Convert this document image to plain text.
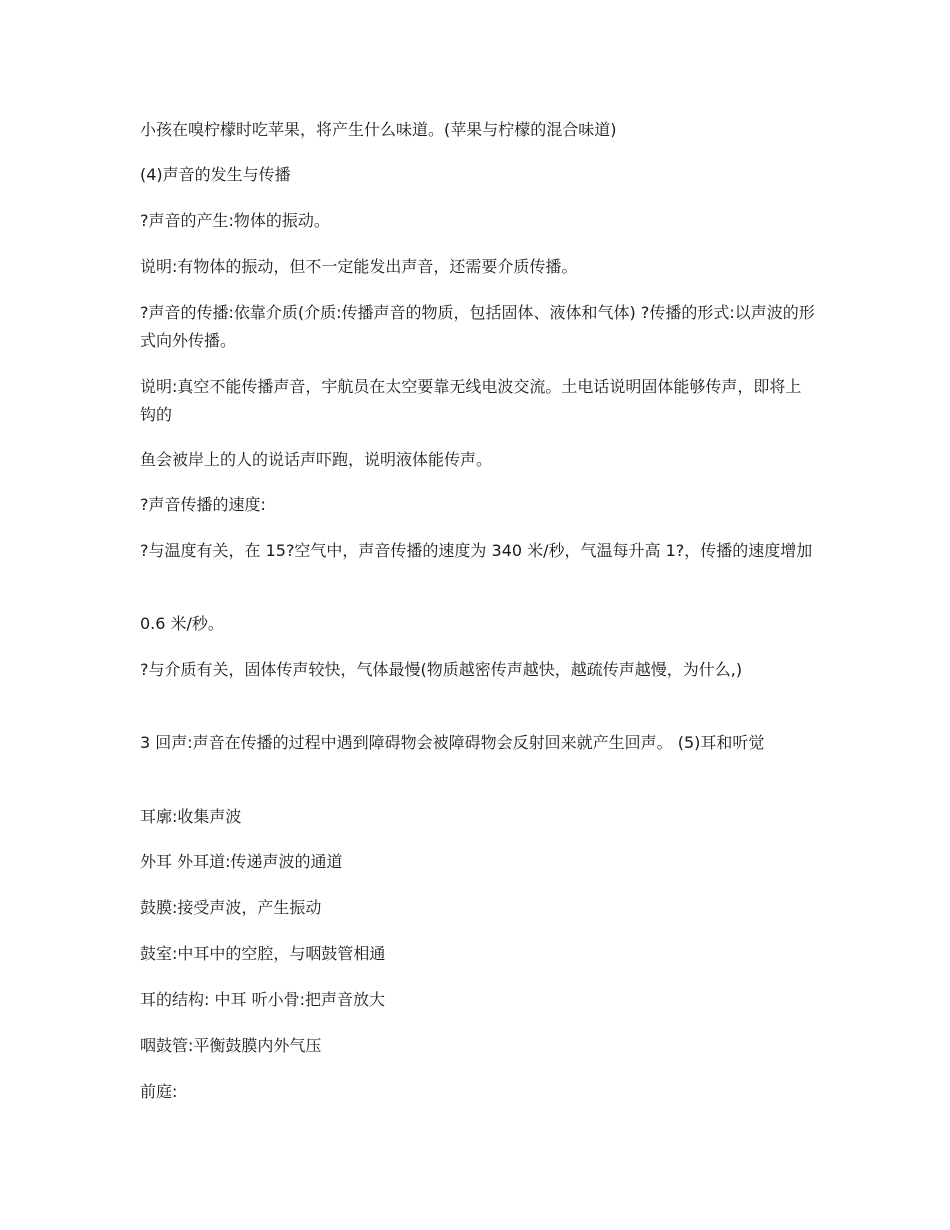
小孩在嗅柠檬时吃苹果，将产生什么味道。(苹果与柠檬的混合味道)

(4)声音的发生与传播

?声音的产生:物体的振动。

说明:有物体的振动，但不一定能发出声音，还需要介质传播。

?声音的传播:依靠介质(介质:传播声音的物质，包括固体、液体和气体) ?传播的形式:以声波的形式向外传播。

说明:真空不能传播声音，宇航员在太空要靠无线电波交流。土电话说明固体能够传声，即将上钩的

鱼会被岸上的人的说话声吓跑，说明液体能传声。

?声音传播的速度:

?与温度有关，在 15?空气中，声音传播的速度为 340 米/秒，气温每升高 1?，传播的速度增加

0.6 米/秒。

?与介质有关，固体传声较快，气体最慢(物质越密传声越快，越疏传声越慢，为什么,)

3 回声:声音在传播的过程中遇到障碍物会被障碍物会反射回来就产生回声。 (5)耳和听觉

耳廓:收集声波

外耳 外耳道:传递声波的通道

鼓膜:接受声波，产生振动

鼓室:中耳中的空腔，与咽鼓管相通

耳的结构: 中耳 听小骨:把声音放大

咽鼓管:平衡鼓膜内外气压

前庭:
